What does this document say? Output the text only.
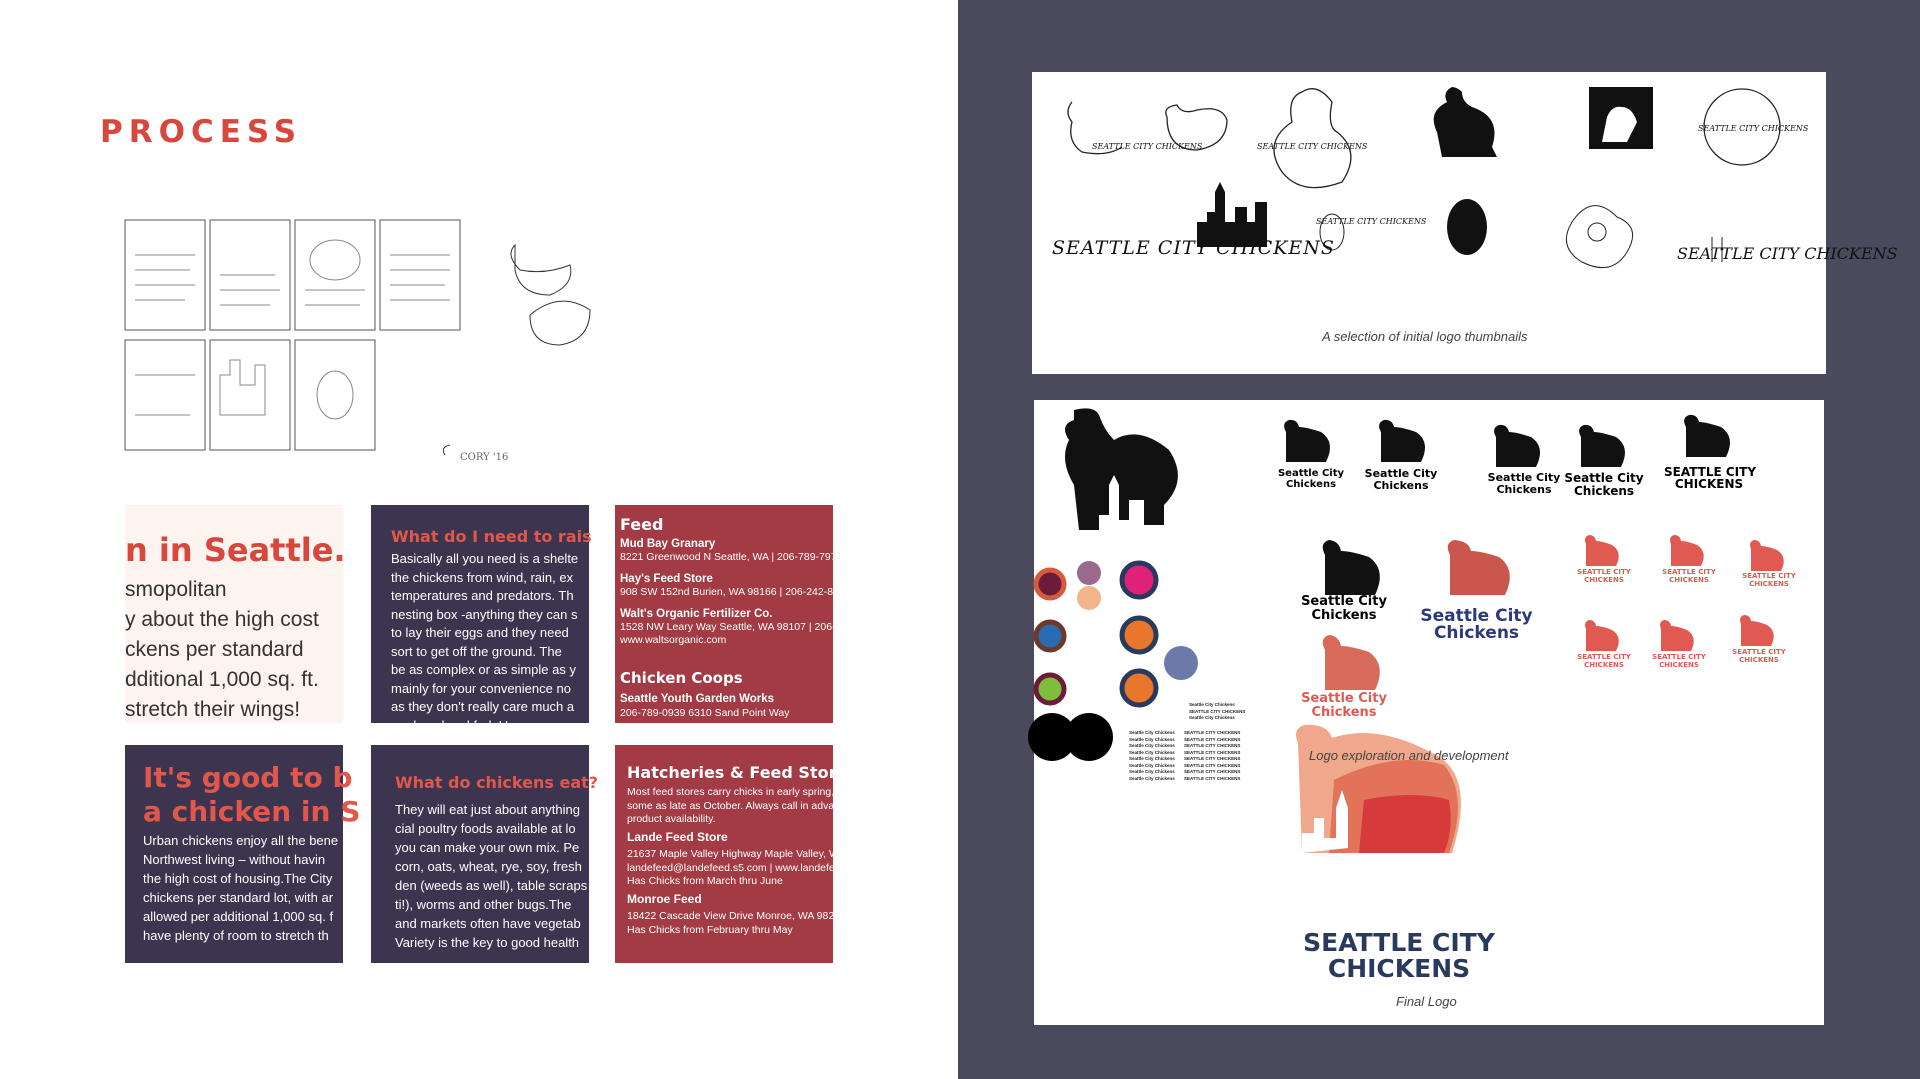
PROCESS
CORY '16
n in Seattle.
smopolitan
y about the high cost
ckens per standard
dditional 1,000 sq. ft.
stretch their wings!
What do I need to rais
Basically all you need is a shelte
the chickens from wind, rain, ex
temperatures and predators. Th
nesting box -anything they can s
to lay their eggs and they need
sort to get off the ground. The
be as complex or as simple as y
mainly for your convenience no
as they don't really care much a
are loved and fed. Use your cre
Feed
Mud Bay Granary
8221 Greenwood N Seattle, WA | 206-789-7977
Hay's Feed Store
908 SW 152nd Burien, WA 98166 | 206-242-8000
Walt's Organic Fertilizer Co.
1528 NW Leary Way Seattle, WA 98107 | 206-297-9092
www.waltsorganic.com
Chicken Coops
Seattle Youth Garden Works
206-789-0939 6310 Sand Point Way
It's good to b
a chicken in S
Urban chickens enjoy all the bene
Northwest living – without havin
the high cost of housing.The City
chickens per standard lot, with ar
allowed per additional 1,000 sq. f
have plenty of room to stretch th
What do chickens eat?
They will eat just about anything
cial poultry foods available at lo
you can make your own mix. Pe
corn, oats, wheat, rye, soy, fresh
den (weeds as well), table scraps
ti!), worms and other bugs.The
and markets often have vegetab
Variety is the key to good health
Hatcheries & Feed Stor
Most feed stores carry chicks in early spring, some
some as late as October. Always call in advance to
product availability.
Lande Feed Store
21637 Maple Valley Highway Maple Valley, WA 980
landefeed@landefeed.s5.com | www.landefeed.s
Has Chicks from March thru June
Monroe Feed
18422 Cascade View Drive Monroe, WA 98272 | 3
Has Chicks from February thru May
SEATTLE CITY CHICKENS	SEATTLE CITY CHICKENS
SEATTLE CITY CHICKENS
SEATTLE CITY CHICKENS
SEATTLE CITY CHICKENS
SEATTLE CITY CHICKENS
A selection of initial logo thumbnails
Seattle City
Chickens
Seattle City
Chickens
Seattle City
Chickens
Seattle City
Chickens
SEATTLE CITY
CHICKENS
Seattle City
Chickens	Seattle City
Chickens
Seattle City
Chickens
SEATTLE CITY
CHICKENS
SEATTLE CITY
CHICKENS	SEATTLE CITY
CHICKENS
SEATTLE CITY
CHICKENS
SEATTLE CITY
CHICKENS
SEATTLE CITY
CHICKENS
Seattle City Chickens
SEATTLE CITY CHICKENS
Seattle City Chickens
Seattle City Chickens
Seattle City Chickens
Seattle City Chickens
Seattle City Chickens
Seattle City Chickens
Seattle City Chickens
Seattle City Chickens
Seattle City Chickens
SEATTLE CITY CHICKENS
SEATTLE CITY CHICKENS
SEATTLE CITY CHICKENS
SEATTLE CITY CHICKENS
SEATTLE CITY CHICKENS
SEATTLE CITY CHICKENS
SEATTLE CITY CHICKENS
SEATTLE CITY CHICKENS
Logo exploration and development
SEATTLE CITY
CHICKENS
Final Logo
